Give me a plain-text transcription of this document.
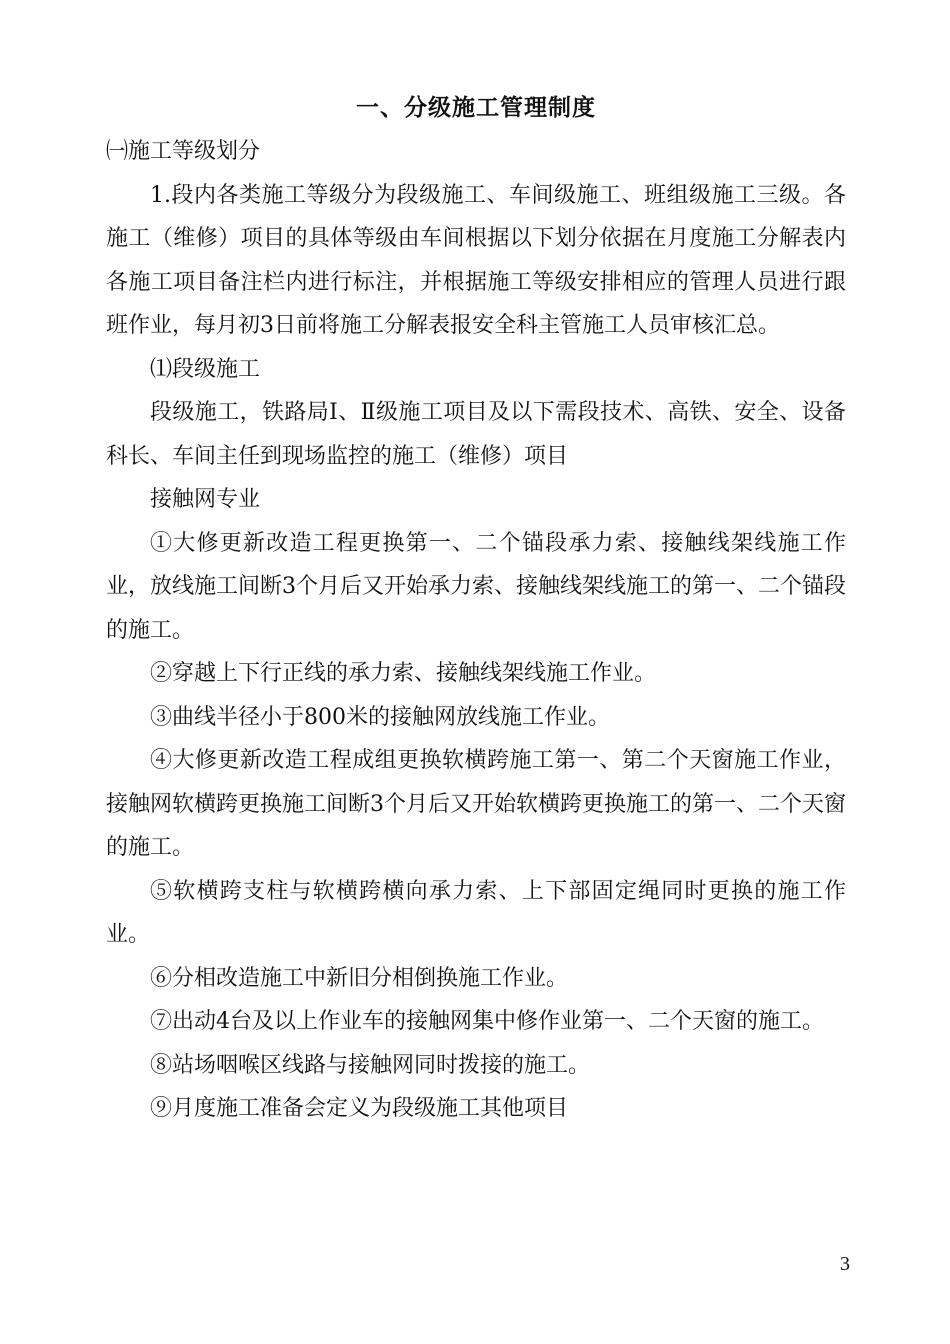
一、分级施工管理制度

㈠施工等级划分

1.段内各类施工等级分为段级施工、车间级施工、班组级施工三级。各施工（维修）项目的具体等级由车间根据以下划分依据在月度施工分解表内各施工项目备注栏内进行标注，并根据施工等级安排相应的管理人员进行跟班作业，每月初3日前将施工分解表报安全科主管施工人员审核汇总。

⑴段级施工

段级施工，铁路局Ⅰ、Ⅱ级施工项目及以下需段技术、高铁、安全、设备科长、车间主任到现场监控的施工（维修）项目

接触网专业

①大修更新改造工程更换第一、二个锚段承力索、接触线架线施工作业，放线施工间断3个月后又开始承力索、接触线架线施工的第一、二个锚段的施工。

②穿越上下行正线的承力索、接触线架线施工作业。

③曲线半径小于800米的接触网放线施工作业。

④大修更新改造工程成组更换软横跨施工第一、第二个天窗施工作业，接触网软横跨更换施工间断3个月后又开始软横跨更换施工的第一、二个天窗的施工。

⑤软横跨支柱与软横跨横向承力索、上下部固定绳同时更换的施工作业。

⑥分相改造施工中新旧分相倒换施工作业。

⑦出动4台及以上作业车的接触网集中修作业第一、二个天窗的施工。

⑧站场咽喉区线路与接触网同时拨接的施工。

⑨月度施工准备会定义为段级施工其他项目

3
